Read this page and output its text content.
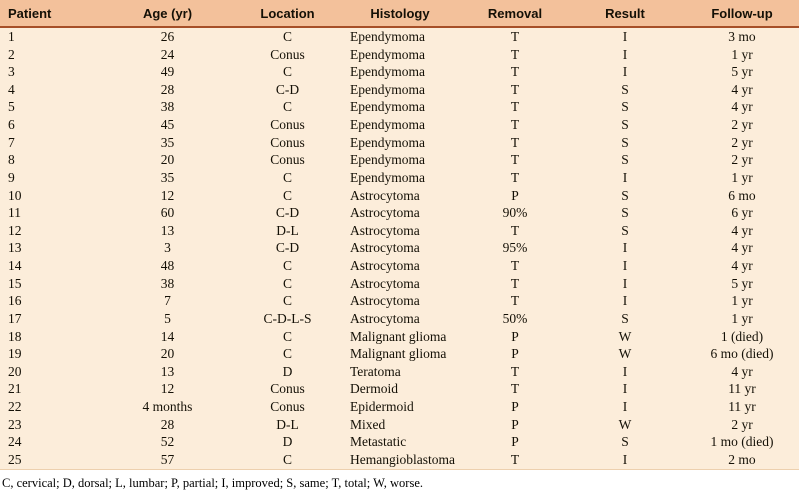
Patient	Age (yr)	Location	Histology	Removal	Result	Follow-up
1	26	C	Ependymoma	T	I	3 mo
2	24	Conus	Ependymoma	T	I	1 yr
3	49	C	Ependymoma	T	I	5 yr
4	28	C-D	Ependymoma	T	S	4 yr
5	38	C	Ependymoma	T	S	4 yr
6	45	Conus	Ependymoma	T	S	2 yr
7	35	Conus	Ependymoma	T	S	2 yr
8	20	Conus	Ependymoma	T	S	2 yr
9	35	C	Ependymoma	T	I	1 yr
10	12	C	Astrocytoma	P	S	6 mo
11	60	C-D	Astrocytoma	90%	S	6 yr
12	13	D-L	Astrocytoma	T	S	4 yr
13	3	C-D	Astrocytoma	95%	I	4 yr
14	48	C	Astrocytoma	T	I	4 yr
15	38	C	Astrocytoma	T	I	5 yr
16	7	C	Astrocytoma	T	I	1 yr
17	5	C-D-L-S	Astrocytoma	50%	S	1 yr
18	14	C	Malignant glioma	P	W	1 (died)
19	20	C	Malignant glioma	P	W	6 mo (died)
20	13	D	Teratoma	T	I	4 yr
21	12	Conus	Dermoid	T	I	11 yr
22	4 months	Conus	Epidermoid	P	I	11 yr
23	28	D-L	Mixed	P	W	2 yr
24	52	D	Metastatic	P	S	1 mo (died)
25	57	C	Hemangioblastoma	T	I	2 mo
C, cervical; D, dorsal; L, lumbar; P, partial; I, improved; S, same; T, total; W, worse.
